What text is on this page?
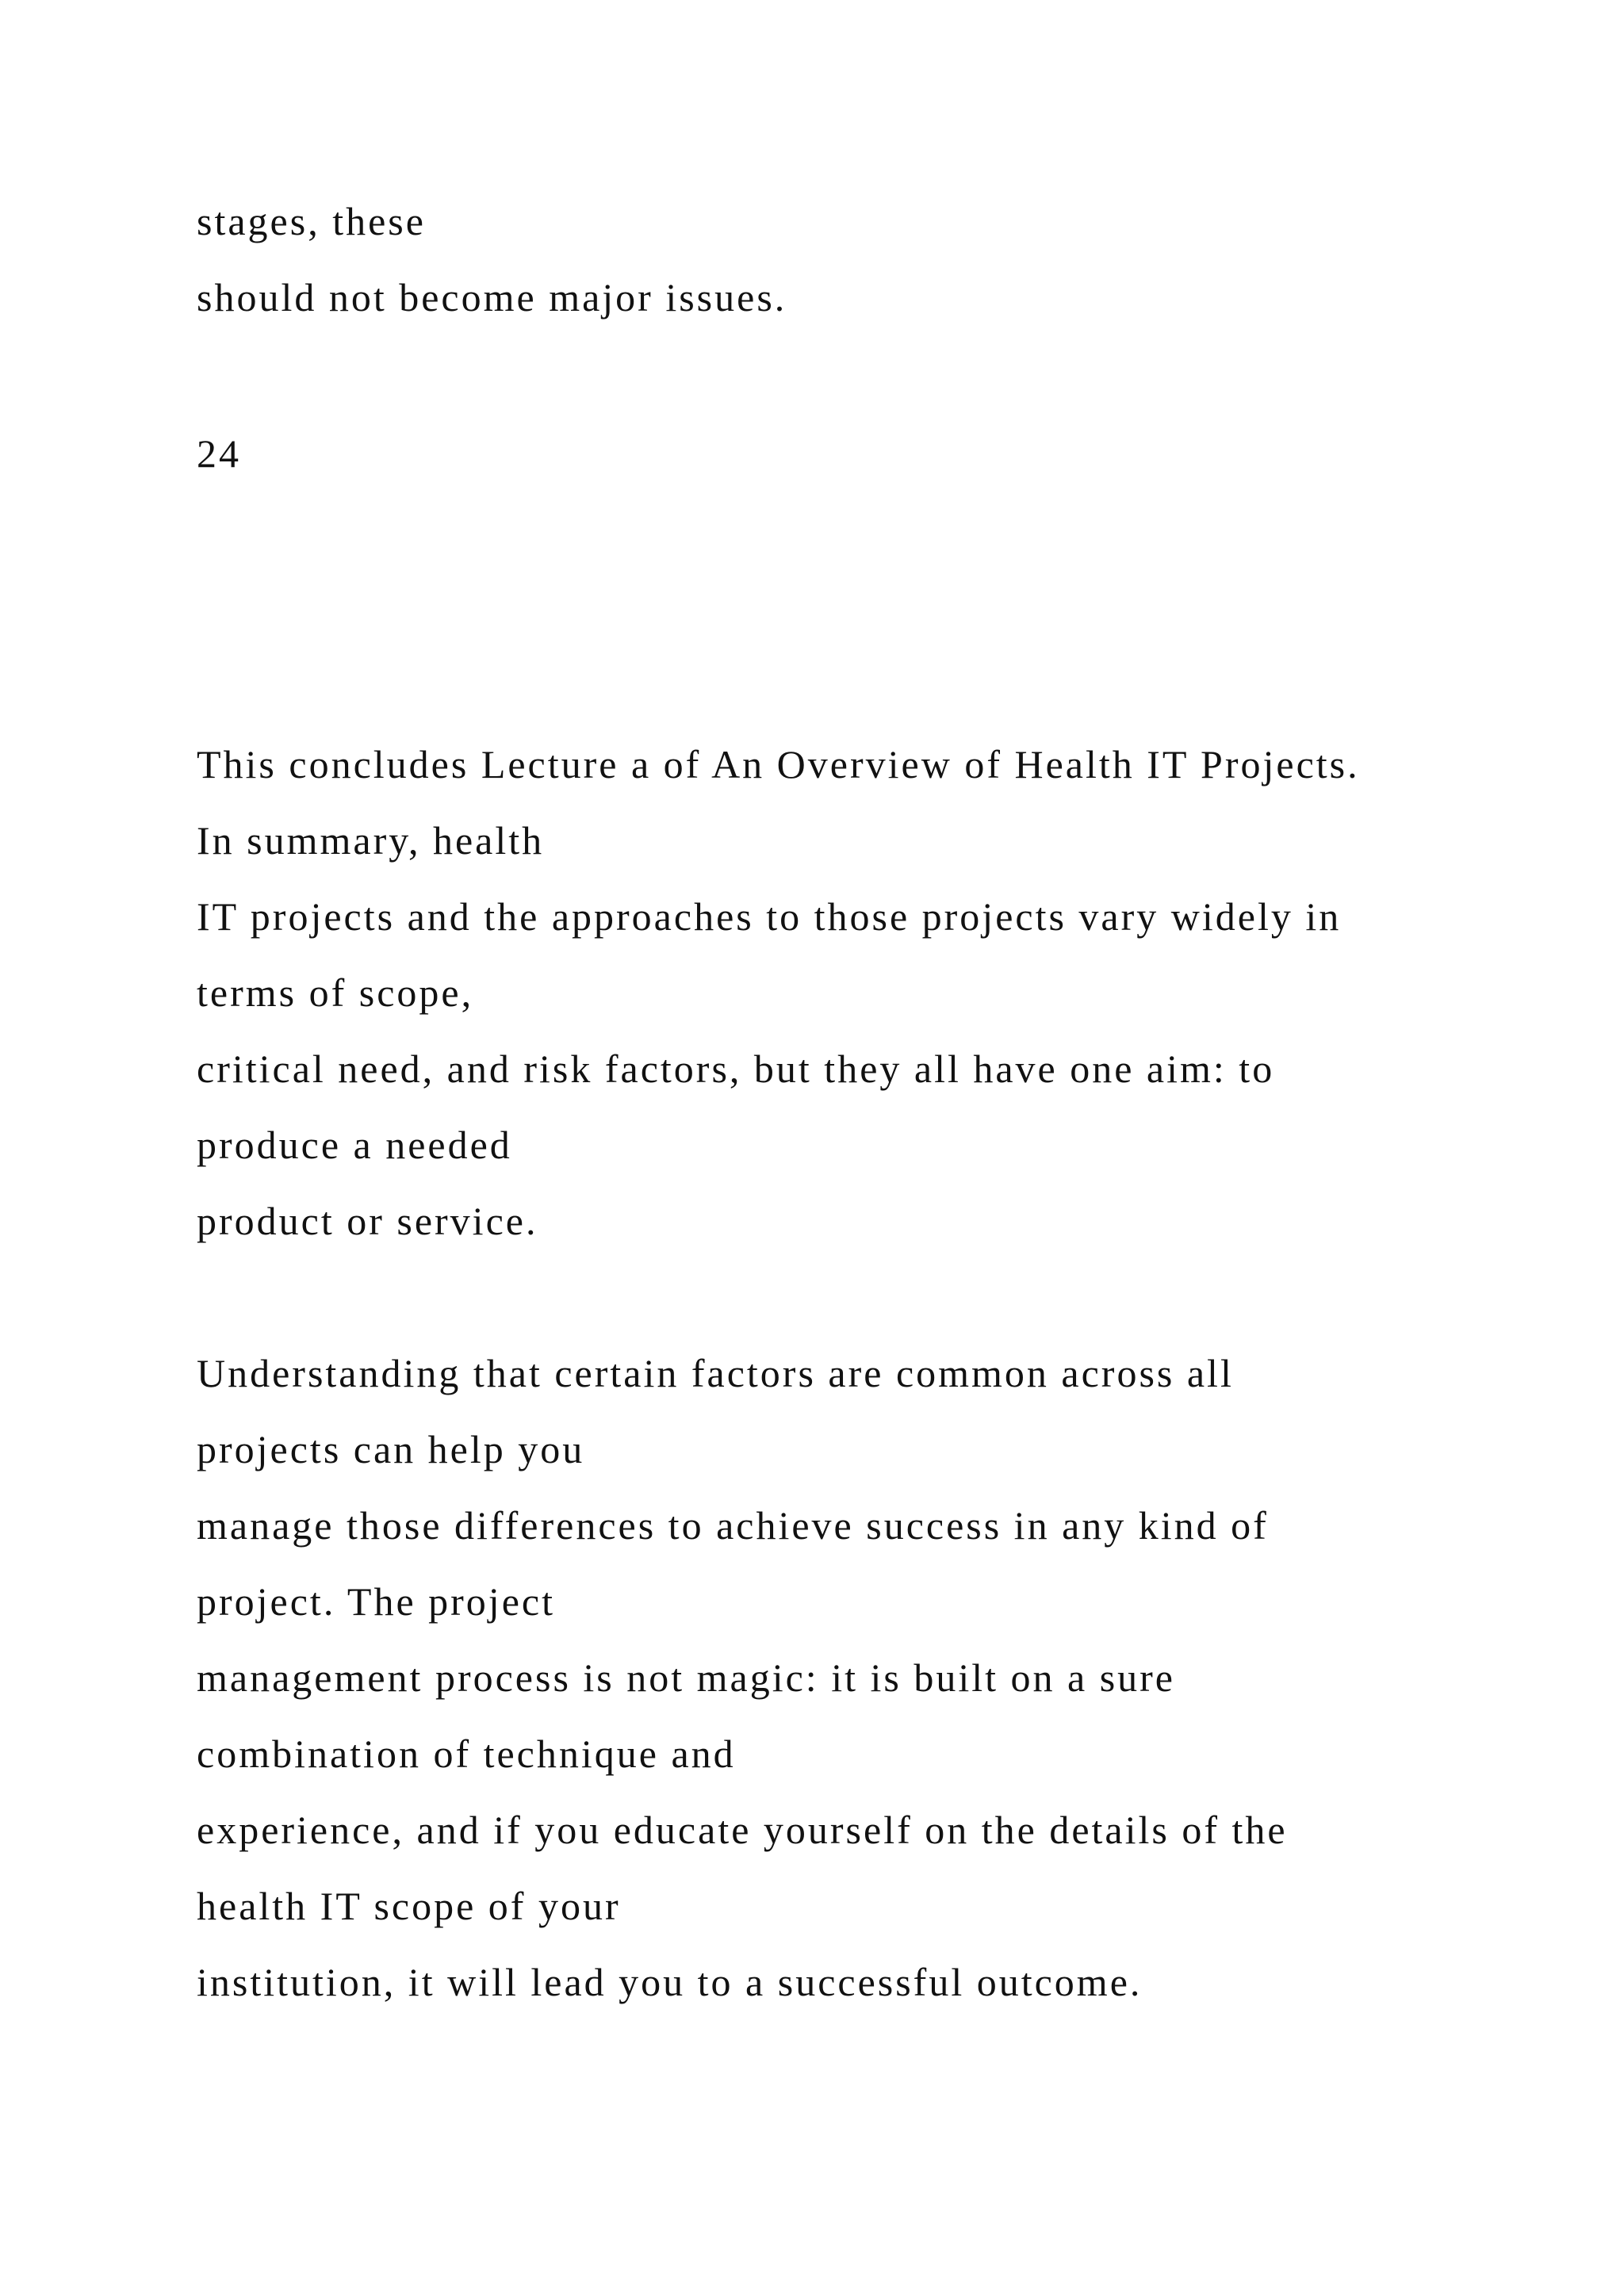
stages, these
should not become major issues.
24
This concludes Lecture a of An Overview of Health IT Projects.
In summary, health
IT projects and the approaches to those projects vary widely in
terms of scope,
critical need, and risk factors, but they all have one aim: to
produce a needed
product or service.
Understanding that certain factors are common across all
projects can help you
manage those differences to achieve success in any kind of
project. The project
management process is not magic: it is built on a sure
combination of technique and
experience, and if you educate yourself on the details of the
health IT scope of your
institution, it will lead you to a successful outcome.
